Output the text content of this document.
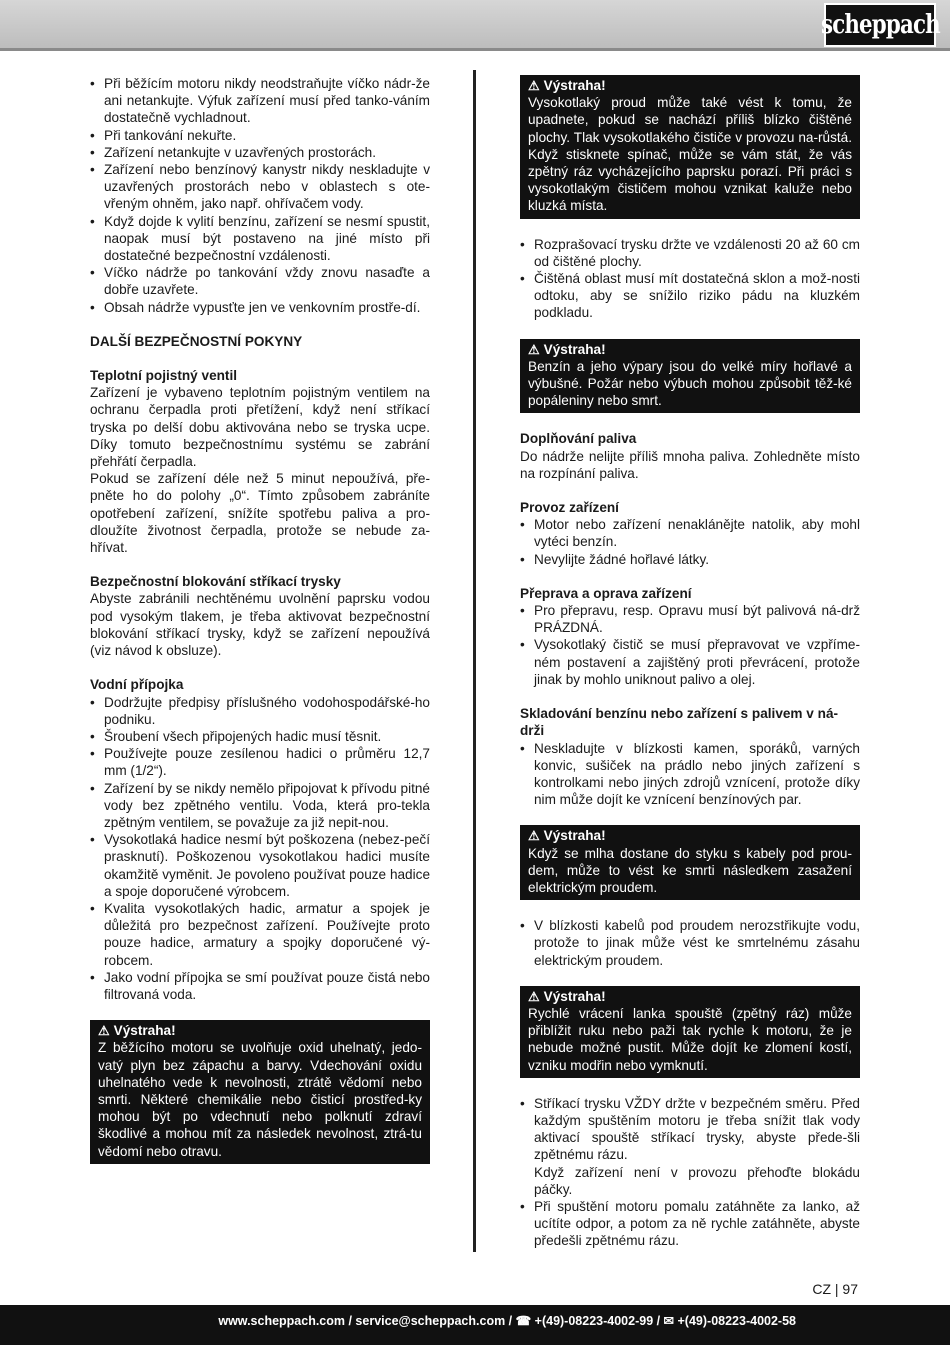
scheppach
• Při běžícím motoru nikdy neodstraňujte víčko nádr-že ani netankujte. Výfuk zařízení musí před tanko-váním dostatečně vychladnout.
• Při tankování nekuřte.
• Zařízení netankujte v uzavřených prostorách.
• Zařízení nebo benzínový kanystr nikdy neskladujte v uzavřených prostorách nebo v oblastech s ote-vřeným ohněm, jako např. ohřívačem vody.
• Když dojde k vylití benzínu, zařízení se nesmí spustit, naopak musí být postaveno na jiné místo při dostatečné bezpečnostní vzdálenosti.
• Víčko nádrže po tankování vždy znovu nasaďte a dobře uzavřete.
• Obsah nádrže vypusťte jen ve venkovním prostře-dí.
DALŠÍ BEZPEČNOSTNÍ POKYNY
Teplotní pojistný ventil

Zařízení je vybaveno teplotním pojistným ventilem na ochranu čerpadla proti přetížení, když není stříkací tryska po delší dobu aktivována nebo se tryska ucpe. Díky tomuto bezpečnostnímu systému se zabrání přehřátí čerpadla.

Pokud se zařízení déle než 5 minut nepoužívá, pře-pněte ho do polohy „0“. Tímto způsobem zabráníte opotřebení zařízení, snížíte spotřebu paliva a pro-dloužíte životnost čerpadla, protože se nebude za-hřívat.

Bezpečnostní blokování stříkací trysky

Abyste zabránili nechtěnému uvolnění paprsku vodou pod vysokým tlakem, je třeba aktivovat bezpečnostní blokování stříkací trysky, když se zařízení nepoužívá (viz návod k obsluze).

Vodní přípojka
• Dodržujte předpisy příslušného vodohospodářské-ho podniku.
• Šroubení všech připojených hadic musí těsnit.
• Používejte pouze zesílenou hadici o průměru 12,7 mm (1/2“).
• Zařízení by se nikdy nemělo připojovat k přívodu pitné vody bez zpětného ventilu. Voda, která pro-tekla zpětným ventilem, se považuje za již nepit-nou.
• Vysokotlaká hadice nesmí být poškozena (nebez-pečí prasknutí). Poškozenou vysokotlakou hadici musíte okamžitě vyměnit. Je povoleno používat pouze hadice a spoje doporučené výrobcem.
• Kvalita vysokotlakých hadic, armatur a spojek je důležitá pro bezpečnost zařízení. Používejte proto pouze hadice, armatury a spojky doporučené vý-robcem.
• Jako vodní přípojka se smí používat pouze čistá nebo filtrovaná voda.
⚠ Výstraha!

Z běžícího motoru se uvolňuje oxid uhelnatý, jedo-vatý plyn bez zápachu a barvy. Vdechování oxidu uhelnatého vede k nevolnosti, ztrátě vědomí nebo smrti. Některé chemikálie nebo čisticí prostřed-ky mohou být po vdechnutí nebo polknutí zdraví škodlivé a mohou mít za následek nevolnost, ztrá-tu vědomí nebo otravu.

⚠ Výstraha!

Vysokotlaký proud může také vést k tomu, že upadnete, pokud se nachází příliš blízko čištěné plochy. Tlak vysokotlakého čističe v provozu na-růstá. Když stisknete spínač, může se vám stát, že vás zpětný ráz vycházejícího paprsku porazí. Při práci s vysokotlakým čističem mohou vznikat kaluže nebo kluzká místa.

• Rozprašovací trysku držte ve vzdálenosti 20 až 60 cm od čištěné plochy.
• Čištěná oblast musí mít dostatečná sklon a mož-nosti odtoku, aby se snížilo riziko pádu na kluzkém podkladu.
⚠ Výstraha!

Benzín a jeho výpary jsou do velké míry hořlavé a výbušné. Požár nebo výbuch mohou způsobit těž-ké popáleniny nebo smrt.

Doplňování paliva

Do nádrže nelijte příliš mnoha paliva. Zohledněte místo na rozpínání paliva.

Provoz zařízení
• Motor nebo zařízení nenaklánějte natolik, aby mohl vytéci benzín.
• Nevylijte žádné hořlavé látky.
Přeprava a oprava zařízení
• Pro přepravu, resp. Opravu musí být palivová ná-drž PRÁZDNÁ.
• Vysokotlaký čistič se musí přepravovat ve vzpříme-ném postavení a zajištěný proti převrácení, protože jinak by mohlo uniknout palivo a olej.
Skladování benzínu nebo zařízení s palivem v ná-drži
• Neskladujte v blízkosti kamen, sporáků, varných konvic, sušiček na prádlo nebo jiných zařízení s kontrolkami nebo jiných zdrojů vznícení, protože díky nim může dojít ke vznícení benzínových par.
⚠ Výstraha!

Když se mlha dostane do styku s kabely pod prou-dem, může to vést ke smrti následkem zasažení elektrickým proudem.

• V blízkosti kabelů pod proudem nerozstřikujte vodu, protože to jinak může vést ke smrtelnému zásahu elektrickým proudem.
⚠ Výstraha!

Rychlé vrácení lanka spouště (zpětný ráz) může přiblížit ruku nebo paži tak rychle k motoru, že je nebude možné pustit. Může dojít ke zlomení kostí, vzniku modřin nebo vymknutí.

• Stříkací trysku VŽDY držte v bezpečném směru. Před každým spuštěním motoru je třeba snížit tlak vody aktivací spouště stříkací trysky, abyste přede-šli zpětnému rázu.
Když zařízení není v provozu přehoďte blokádu páčky.
• Při spuštění motoru pomalu zatáhněte za lanko, až ucítíte odpor, a potom za ně rychle zatáhněte, abyste předešli zpětnému rázu.
CZ | 97
www.scheppach.com / service@scheppach.com / ☎ +(49)-08223-4002-99 / ✉ +(49)-08223-4002-58
